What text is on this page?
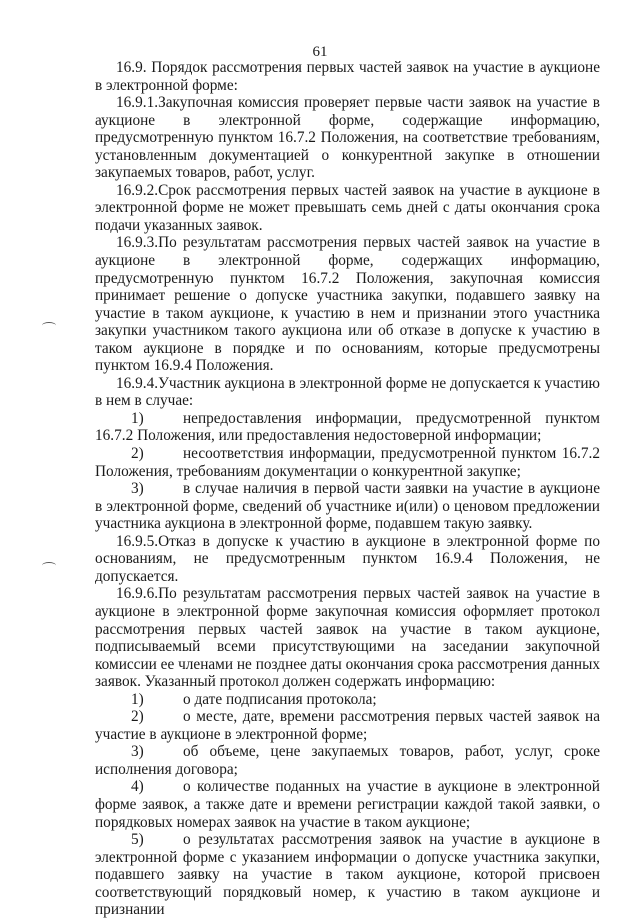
61

16.9. Порядок рассмотрения первых частей заявок на участие в аукционе в электронной форме:

16.9.1.Закупочная комиссия проверяет первые части заявок на участие в аукционе в электронной форме, содержащие информацию, предусмотренную пунктом 16.7.2 Положения, на соответствие требованиям, установленным документацией о конкурентной закупке в отношении закупаемых товаров, работ, услуг.

16.9.2.Срок рассмотрения первых частей заявок на участие в аукционе в электронной форме не может превышать семь дней с даты окончания срока подачи указанных заявок.

16.9.3.По результатам рассмотрения первых частей заявок на участие в аукционе в электронной форме, содержащих информацию, предусмотренную пунктом 16.7.2 Положения, закупочная комиссия принимает решение о допуске участника закупки, подавшего заявку на участие в таком аукционе, к участию в нем и признании этого участника закупки участником такого аукциона или об отказе в допуске к участию в таком аукционе в порядке и по основаниям, которые предусмотрены пунктом 16.9.4 Положения.

16.9.4.Участник аукциона в электронной форме не допускается к участию в нем в случае:

1)	непредоставления информации, предусмотренной пунктом 16.7.2 Положения, или предоставления недостоверной информации;

2)	несоответствия информации, предусмотренной пунктом 16.7.2 Положения, требованиям документации о конкурентной закупке;

3)	в случае наличия в первой части заявки на участие в аукционе в электронной форме, сведений об участнике и(или) о ценовом предложении участника аукциона в электронной форме, подавшем такую заявку.

16.9.5.Отказ в допуске к участию в аукционе в электронной форме по основаниям, не предусмотренным пунктом 16.9.4 Положения, не допускается.

16.9.6.По результатам рассмотрения первых частей заявок на участие в аукционе в электронной форме закупочная комиссия оформляет протокол рассмотрения первых частей заявок на участие в таком аукционе, подписываемый всеми присутствующими на заседании закупочной комиссии ее членами не позднее даты окончания срока рассмотрения данных заявок. Указанный протокол должен содержать информацию:

1)	о дате подписания протокола;

2)	о месте, дате, времени рассмотрения первых частей заявок на участие в аукционе в электронной форме;

3)	об объеме, цене закупаемых товаров, работ, услуг, сроке исполнения договора;

4)	о количестве поданных на участие в аукционе в электронной форме заявок, а также дате и времени регистрации каждой такой заявки, о порядковых номерах заявок на участие в таком аукционе;

5)	о результатах рассмотрения заявок на участие в аукционе в электронной форме с указанием информации о допуске участника закупки, подавшего заявку на участие в таком аукционе, которой присвоен соответствующий порядковый номер, к участию в таком аукционе и признании
